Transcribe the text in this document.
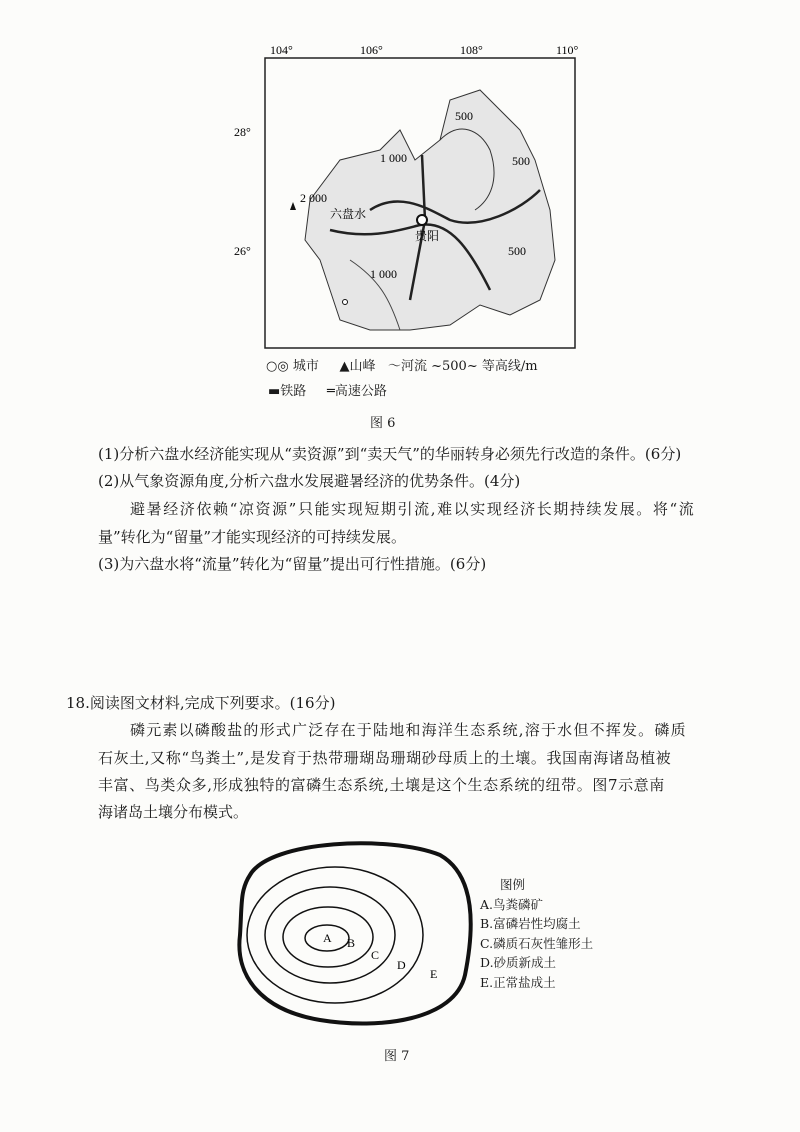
104°	106°	108°	110°
28°
26°
1 000
2 000
500
500
1 000
500
六盘水
贵阳
○◎ 城市 ▲山峰 〜河流 ~500~ 等高线/m
▬铁路 ═高速公路
图 6
(1)分析六盘水经济能实现从“卖资源”到“卖天气”的华丽转身必须先行改造的条件。(6分)
(2)从气象资源角度,分析六盘水发展避暑经济的优势条件。(4分)
避暑经济依赖“凉资源”只能实现短期引流,难以实现经济长期持续发展。将“流
量”转化为“留量”才能实现经济的可持续发展。
(3)为六盘水将“流量”转化为“留量”提出可行性措施。(6分)
18.阅读图文材料,完成下列要求。(16分)
磷元素以磷酸盐的形式广泛存在于陆地和海洋生态系统,溶于水但不挥发。磷质
石灰土,又称“鸟粪土”,是发育于热带珊瑚岛珊瑚砂母质上的土壤。我国南海诸岛植被
丰富、鸟类众多,形成独特的富磷生态系统,土壤是这个生态系统的纽带。图7示意南
海诸岛土壤分布模式。
A B
C
D
E
图例
A.鸟粪磷矿
B.富磷岩性均腐土
C.磷质石灰性雏形土
D.砂质新成土
E.正常盐成土
图 7
